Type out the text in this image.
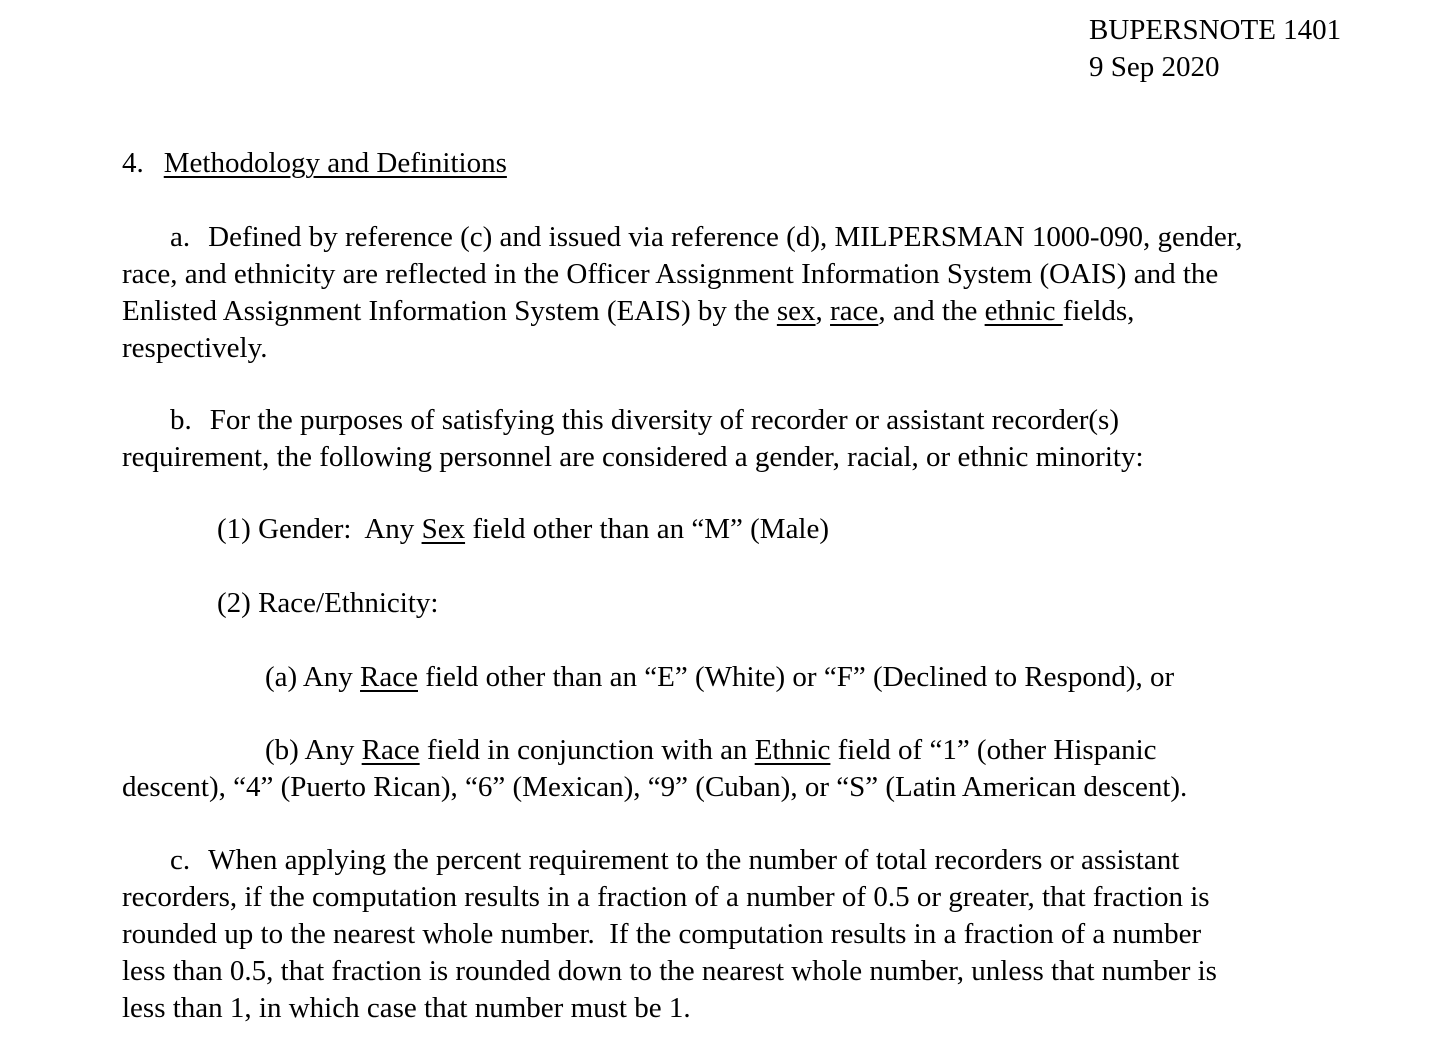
BUPERSNOTE 1401
9 Sep 2020
4. Methodology and Definitions
a. Defined by reference (c) and issued via reference (d), MILPERSMAN 1000-090, gender,
race, and ethnicity are reflected in the Officer Assignment Information System (OAIS) and the
Enlisted Assignment Information System (EAIS) by the sex, race, and the ethnic fields,
respectively.
b. For the purposes of satisfying this diversity of recorder or assistant recorder(s)
requirement, the following personnel are considered a gender, racial, or ethnic minority:
(1) Gender:  Any Sex field other than an “M” (Male)
(2) Race/Ethnicity:
(a) Any Race field other than an “E” (White) or “F” (Declined to Respond), or
(b) Any Race field in conjunction with an Ethnic field of “1” (other Hispanic
descent), “4” (Puerto Rican), “6” (Mexican), “9” (Cuban), or “S” (Latin American descent).
c. When applying the percent requirement to the number of total recorders or assistant
recorders, if the computation results in a fraction of a number of 0.5 or greater, that fraction is
rounded up to the nearest whole number.  If the computation results in a fraction of a number
less than 0.5, that fraction is rounded down to the nearest whole number, unless that number is
less than 1, in which case that number must be 1.
